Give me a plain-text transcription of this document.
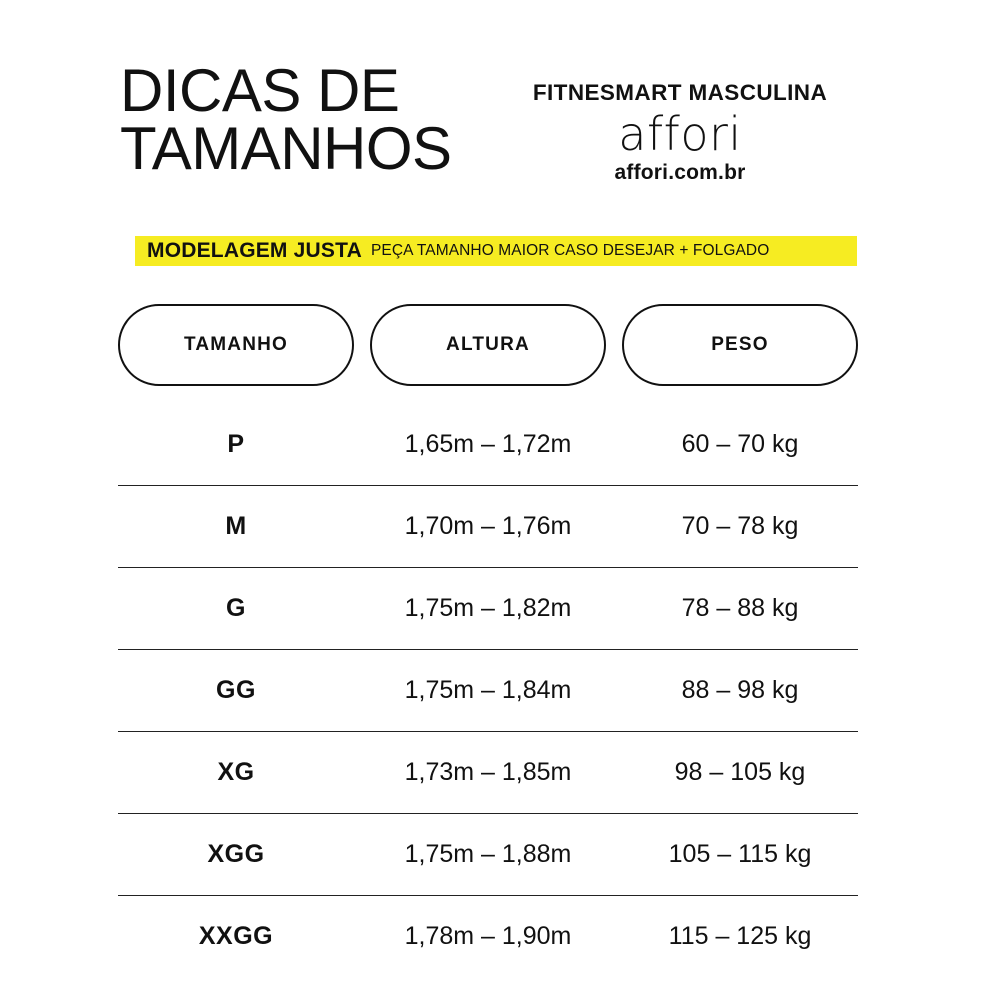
DICAS DE
TAMANHOS
FITNESMART MASCULINA
affori
affori.com.br
MODELAGEM JUSTA PEÇA TAMANHO MAIOR CASO DESEJAR + FOLGADO
TAMANHO	ALTURA	PESO
P	1,65m – 1,72m	60 – 70 kg
M	1,70m – 1,76m	70 – 78 kg
G	1,75m – 1,82m	78 – 88 kg
GG	1,75m – 1,84m	88 – 98 kg
XG	1,73m – 1,85m	98 – 105 kg
XGG	1,75m – 1,88m	105 – 115 kg
XXGG	1,78m – 1,90m	115 – 125 kg
